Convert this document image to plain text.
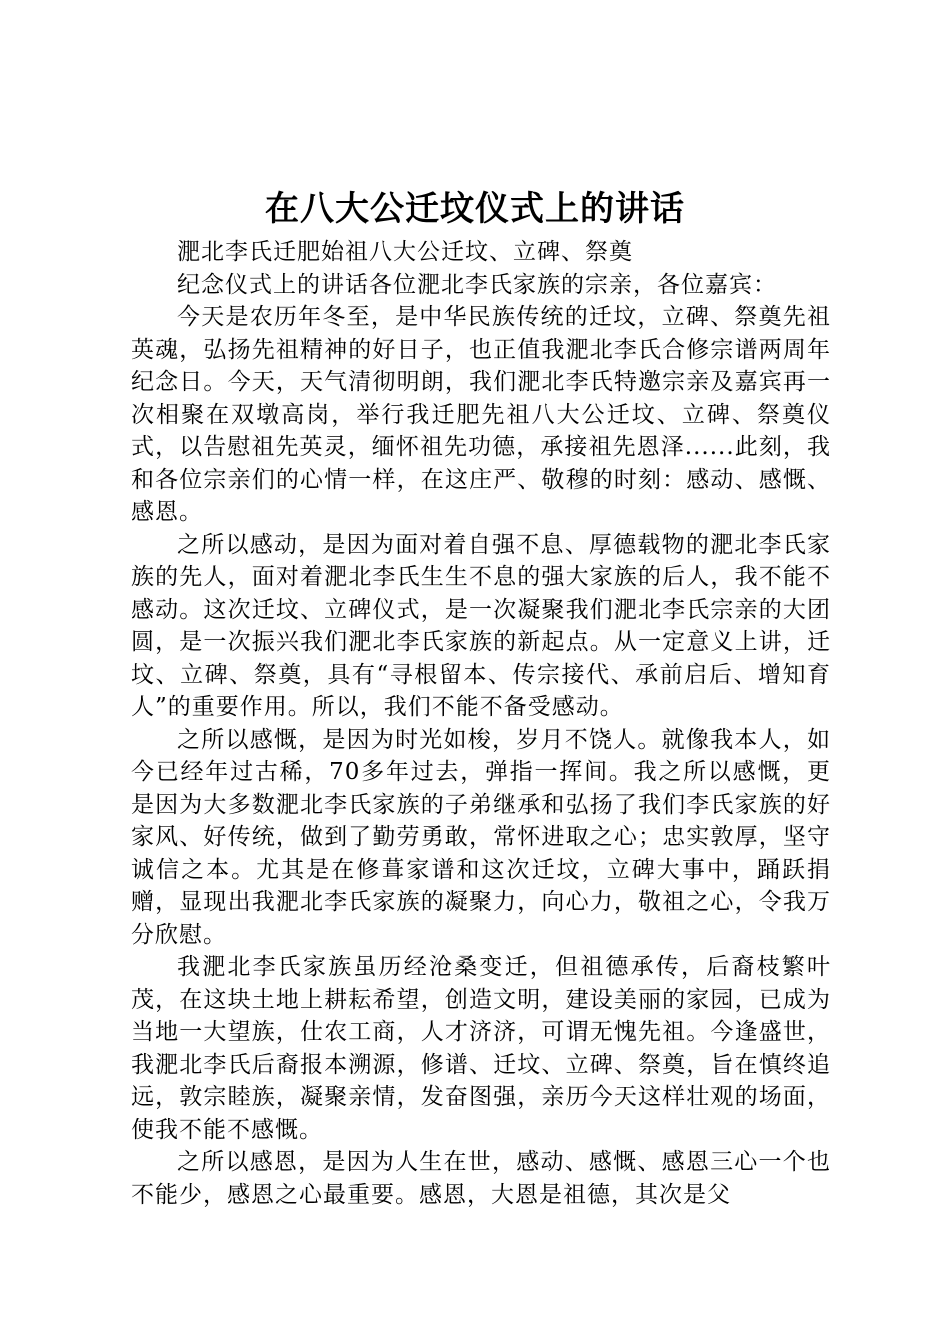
在八大公迁坟仪式上的讲话

淝北李氏迁肥始祖八大公迁坟、立碑、祭奠

纪念仪式上的讲话各位淝北李氏家族的宗亲，各位嘉宾：

今天是农历年冬至，是中华民族传统的迁坟，立碑、祭奠先祖英魂，弘扬先祖精神的好日子，也正值我淝北李氏合修宗谱两周年纪念日。今天，天气清彻明朗，我们淝北李氏特邀宗亲及嘉宾再一次相聚在双墩高岗，举行我迁肥先祖八大公迁坟、立碑、祭奠仪式，以告慰祖先英灵，缅怀祖先功德，承接祖先恩泽......此刻，我和各位宗亲们的心情一样，在这庄严、敬穆的时刻：感动、感慨、感恩。

之所以感动，是因为面对着自强不息、厚德载物的淝北李氏家族的先人，面对着淝北李氏生生不息的强大家族的后人，我不能不感动。这次迁坟、立碑仪式，是一次凝聚我们淝北李氏宗亲的大团圆，是一次振兴我们淝北李氏家族的新起点。从一定意义上讲，迁坟、立碑、祭奠，具有“寻根留本、传宗接代、承前启后、增知育人”的重要作用。所以，我们不能不备受感动。

之所以感慨，是因为时光如梭，岁月不饶人。就像我本人，如今已经年过古稀，70多年过去，弹指一挥间。我之所以感慨，更是因为大多数淝北李氏家族的子弟继承和弘扬了我们李氏家族的好家风、好传统，做到了勤劳勇敢，常怀进取之心；忠实敦厚，坚守诚信之本。尤其是在修葺家谱和这次迁坟，立碑大事中，踊跃捐赠，显现出我淝北李氏家族的凝聚力，向心力，敬祖之心，令我万分欣慰。

我淝北李氏家族虽历经沧桑变迁，但祖德承传，后裔枝繁叶茂，在这块土地上耕耘希望，创造文明，建设美丽的家园，已成为当地一大望族，仕农工商，人才济济，可谓无愧先祖。今逢盛世，我淝北李氏后裔报本溯源，修谱、迁坟、立碑、祭奠，旨在慎终追远，敦宗睦族，凝聚亲情，发奋图强，亲历今天这样壮观的场面，使我不能不感慨。

之所以感恩，是因为人生在世，感动、感慨、感恩三心一个也不能少，感恩之心最重要。感恩，大恩是祖德，其次是父
